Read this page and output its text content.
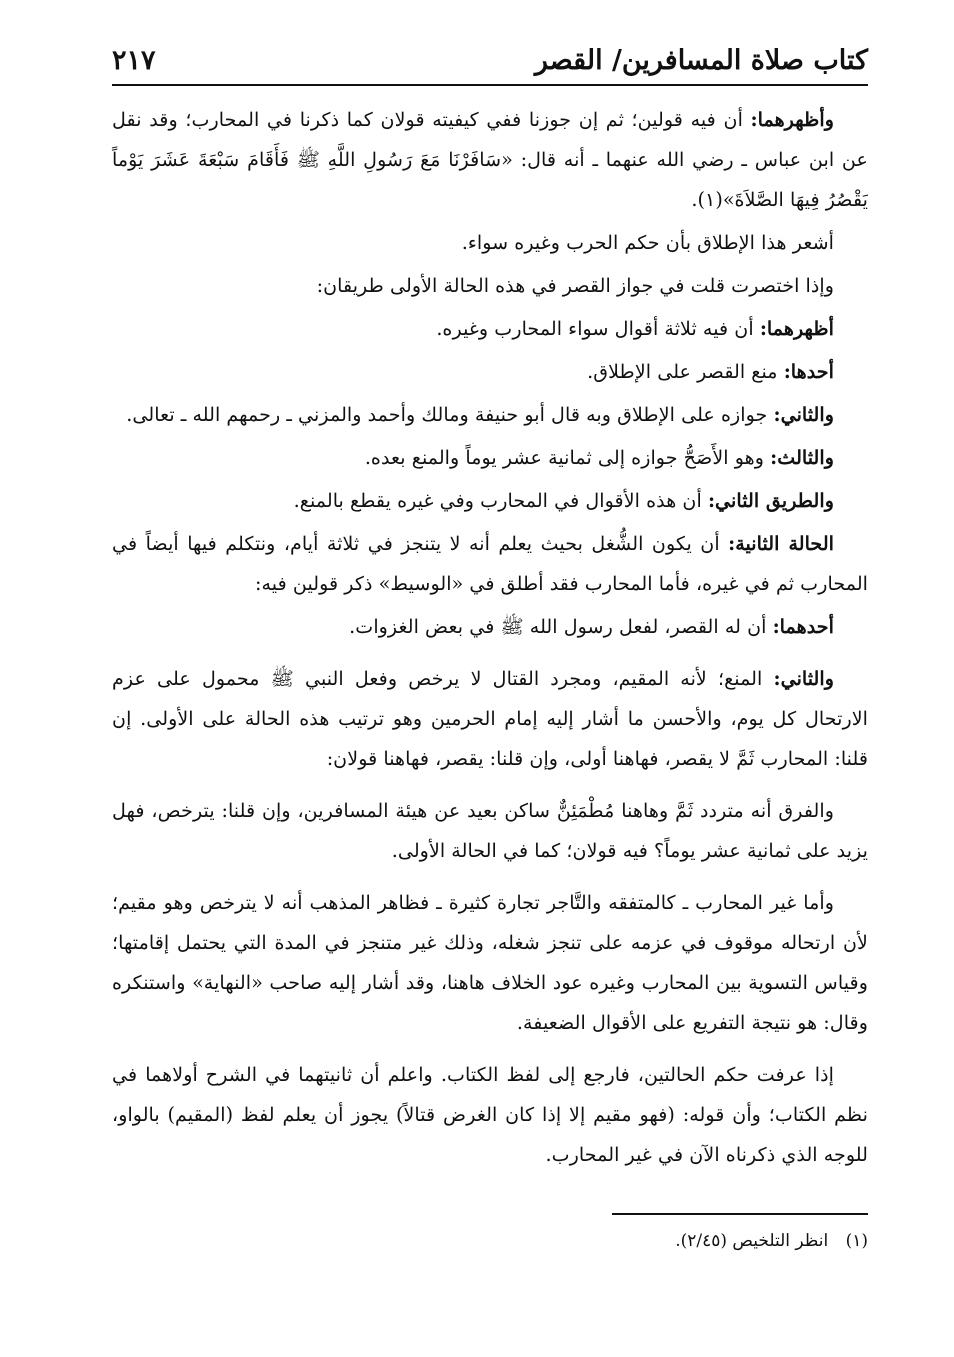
كتاب صلاة المسافرين/ القصر
٢١٧

وأظهرهما: أن فيه قولين؛ ثم إن جوزنا ففي كيفيته قولان كما ذكرنا في المحارب؛ وقد نقل عن ابن عباس ـ رضي الله عنهما ـ أنه قال: «سَافَرْنَا مَعَ رَسُولِ اللَّهِ ﷺ فَأَقَامَ سَبْعَةَ عَشَرَ يَوْماً يَقْصُرُ فِيهَا الصَّلاَةَ»(١).

أشعر هذا الإطلاق بأن حكم الحرب وغيره سواء.

وإذا اختصرت قلت في جواز القصر في هذه الحالة الأولى طريقان:

أظهرهما: أن فيه ثلاثة أقوال سواء المحارب وغيره.

أحدها: منع القصر على الإطلاق.

والثاني: جوازه على الإطلاق وبه قال أبو حنيفة ومالك وأحمد والمزني ـ رحمهم الله ـ تعالى.

والثالث: وهو الأَصَحُّ جوازه إلى ثمانية عشر يوماً والمنع بعده.

والطريق الثاني: أن هذه الأقوال في المحارب وفي غيره يقطع بالمنع.

الحالة الثانية: أن يكون الشُّغل بحيث يعلم أنه لا يتنجز في ثلاثة أيام، ونتكلم فيها أيضاً في المحارب ثم في غيره، فأما المحارب فقد أطلق في «الوسيط» ذكر قولين فيه:

أحدهما: أن له القصر، لفعل رسول الله ﷺ في بعض الغزوات.

والثاني: المنع؛ لأنه المقيم، ومجرد القتال لا يرخص وفعل النبي ﷺ محمول على عزم الارتحال كل يوم، والأحسن ما أشار إليه إمام الحرمين وهو ترتيب هذه الحالة على الأولى. إن قلنا: المحارب ثَمَّ لا يقصر، فهاهنا أولى، وإن قلنا: يقصر، فهاهنا قولان:

والفرق أنه متردد ثَمَّ وهاهنا مُطْمَئِنٌّ ساكن بعيد عن هيئة المسافرين، وإن قلنا: يترخص، فهل يزيد على ثمانية عشر يوماً؟ فيه قولان؛ كما في الحالة الأولى.

وأما غير المحارب ـ كالمتفقه والتَّاجر تجارة كثيرة ـ فظاهر المذهب أنه لا يترخص وهو مقيم؛ لأن ارتحاله موقوف في عزمه على تنجز شغله، وذلك غير متنجز في المدة التي يحتمل إقامتها؛ وقياس التسوية بين المحارب وغيره عود الخلاف هاهنا، وقد أشار إليه صاحب «النهاية» واستنكره وقال: هو نتيجة التفريع على الأقوال الضعيفة.

إذا عرفت حكم الحالتين، فارجع إلى لفظ الكتاب. واعلم أن ثانيتهما في الشرح أولاهما في نظم الكتاب؛ وأن قوله: (فهو مقيم إلا إذا كان الغرض قتالاً) يجوز أن يعلم لفظ (المقيم) بالواو، للوجه الذي ذكرناه الآن في غير المحارب.

(١) انظر التلخيص (٢/٤٥).
